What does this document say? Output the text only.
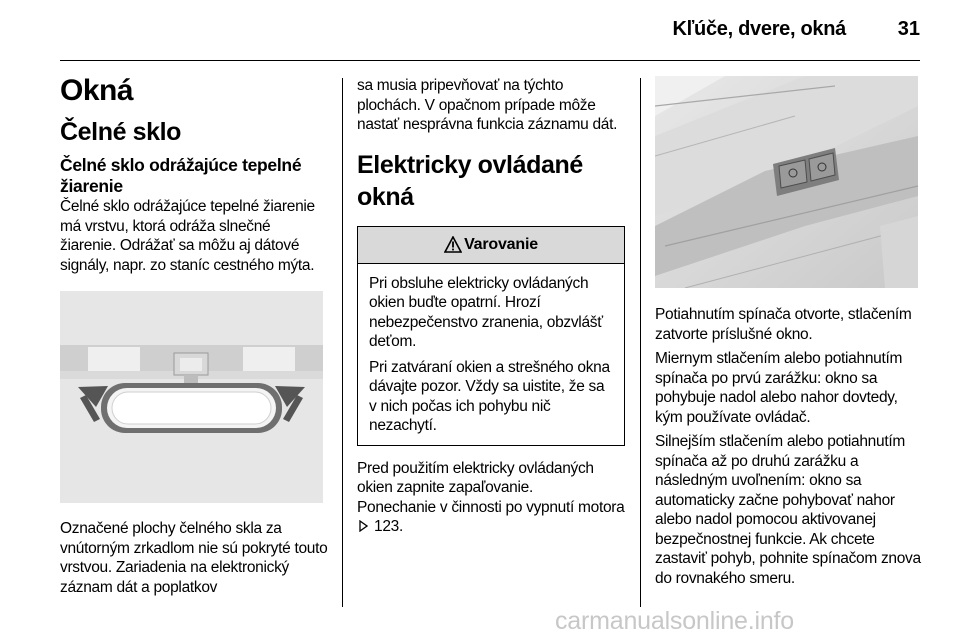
Kľúče, dvere, okná	31
Okná
Čelné sklo
Čelné sklo odrážajúce tepelné žiarenie

Čelné sklo odrážajúce tepelné žiarenie má vrstvu, ktorá odráža slnečné žiarenie. Odrážať sa môžu aj dátové signály, napr. zo staníc cestného mýta.

Označené plochy čelného skla za vnútorným zrkadlom nie sú pokryté touto vrstvou. Zariadenia na elektronický záznam dát a poplatkov

sa musia pripevňovať na týchto plochách. V opačnom prípade môže nastať nesprávna funkcia záznamu dát.

Elektricky ovládané okná
Varovanie

Pri obsluhe elektricky ovládaných okien buďte opatrní. Hrozí nebezpečenstvo zranenia, obzvlášť deťom.

Pri zatváraní okien a strešného okna dávajte pozor. Vždy sa uistite, že sa v nich počas ich pohybu nič nezachytí.

Pred použitím elektricky ovládaných okien zapnite zapaľovanie.

Ponechanie v činnosti po vypnutí motora  123.

Potiahnutím spínača otvorte, stlačením zatvorte príslušné okno.

Miernym stlačením alebo potiahnutím spínača po prvú zarážku: okno sa pohybuje nadol alebo nahor dovtedy, kým používate ovládač.

Silnejším stlačením alebo potiahnutím spínača až po druhú zarážku a následným uvoľnením: okno sa automaticky začne pohybovať nahor alebo nadol pomocou aktivovanej bezpečnostnej funkcie. Ak chcete zastaviť pohyb, pohnite spínačom znova do rovnakého smeru.

carmanualsonline.info
